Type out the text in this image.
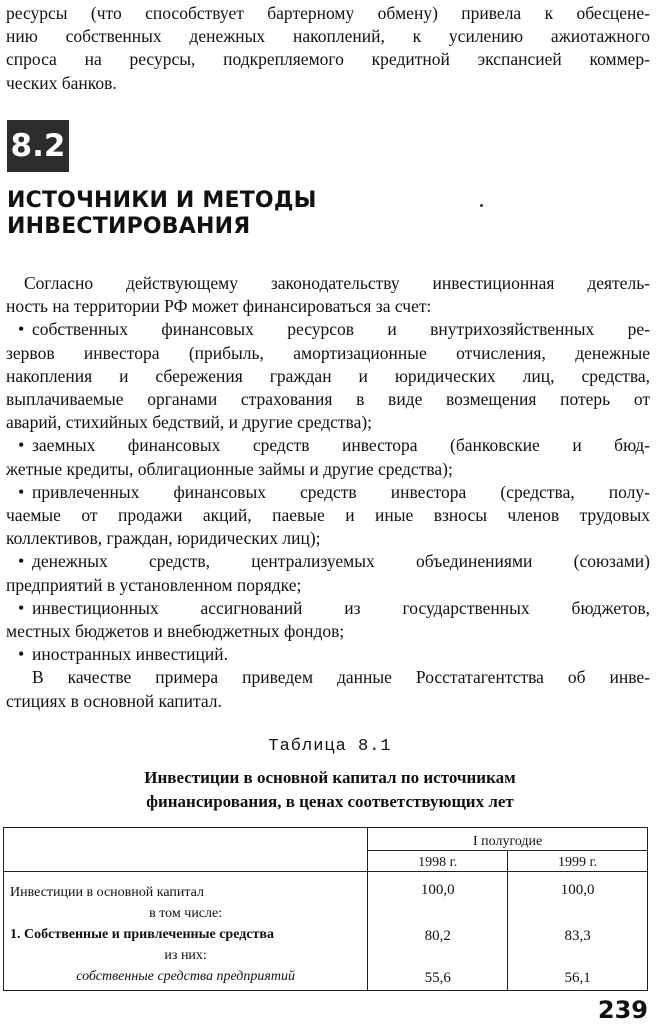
ресурсы (что способствует бартерному обмену) привела к обесцене-
нию собственных денежных накоплений, к усилению ажиотажного
спроса на ресурсы, подкрепляемого кредитной экспансией коммер-
ческих банков.
8.2
ИСТОЧНИКИ И МЕТОДЫ
ИНВЕСТИРОВАНИЯ
Согласно действующему законодательству инвестиционная деятель-
ность на территории РФ может финансироваться за счет:
• собственных финансовых ресурсов и внутрихозяйственных ре-
зервов инвестора (прибыль, амортизационные отчисления, денежные
накопления и сбережения граждан и юридических лиц, средства,
выплачиваемые органами страхования в виде возмещения потерь от
аварий, стихийных бедствий, и другие средства);
• заемных финансовых средств инвестора (банковские и бюд-
жетные кредиты, облигационные займы и другие средства);
• привлеченных финансовых средств инвестора (средства, полу-
чаемые от продажи акций, паевые и иные взносы членов трудовых
коллективов, граждан, юридических лиц);
• денежных средств, централизуемых объединениями (союзами)
предприятий в установленном порядке;
• инвестиционных ассигнований из государственных бюджетов,
местных бюджетов и внебюджетных фондов;
• иностранных инвестиций.
В качестве примера приведем данные Росстатагентства об инве-
стициях в основной капитал.
Таблица 8.1
Инвестиции в основной капитал по источникам
финансирования, в ценах соответствующих лет
	I полугодие	
	1998 г.	1999 г.

Инвестиции в основной капитал
в том числе:	100,0	100,0

1. Собственные и привлеченные средства
из них:	80,2	83,3

собственные средства предприятий	55,6	56,1
239
